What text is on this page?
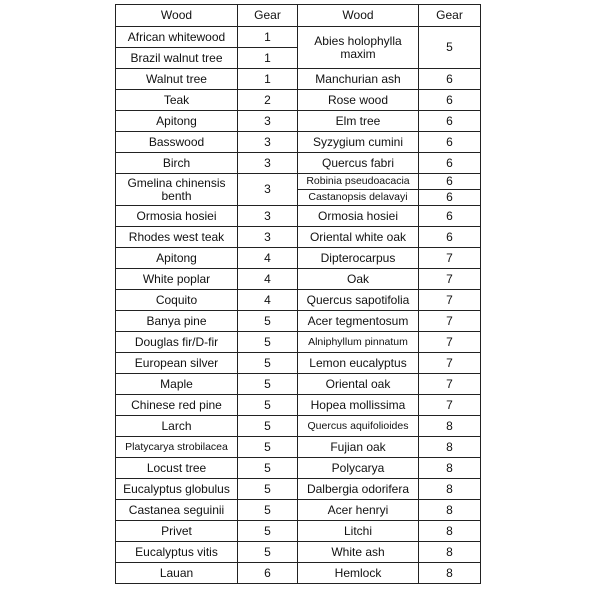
Wood	Gear	Wood	Gear
African whitewood	1	Abies holophylla maxim	5
Brazil walnut tree	1		
Walnut tree	1	Manchurian ash	6
Teak	2	Rose wood	6
Apitong	3	Elm tree	6
Basswood	3	Syzygium cumini	6
Birch	3	Quercus fabri	6
Gmelina chinensis benth	3	Robinia pseudoacacia	6
		Castanopsis delavayi	6
Ormosia hosiei	3	Ormosia hosiei	6
Rhodes west teak	3	Oriental white oak	6
Apitong	4	Dipterocarpus	7
White poplar	4	Oak	7
Coquito	4	Quercus sapotifolia	7
Banya pine	5	Acer tegmentosum	7
Douglas fir/D-fir	5	Alniphyllum pinnatum	7
European silver	5	Lemon eucalyptus	7
Maple	5	Oriental oak	7
Chinese red pine	5	Hopea mollissima	7
Larch	5	Quercus aquifolioides	8
Platycarya strobilacea	5	Fujian oak	8
Locust tree	5	Polycarya	8
Eucalyptus globulus	5	Dalbergia odorifera	8
Castanea seguinii	5	Acer henryi	8
Privet	5	Litchi	8
Eucalyptus vitis	5	White ash	8
Lauan	6	Hemlock	8
